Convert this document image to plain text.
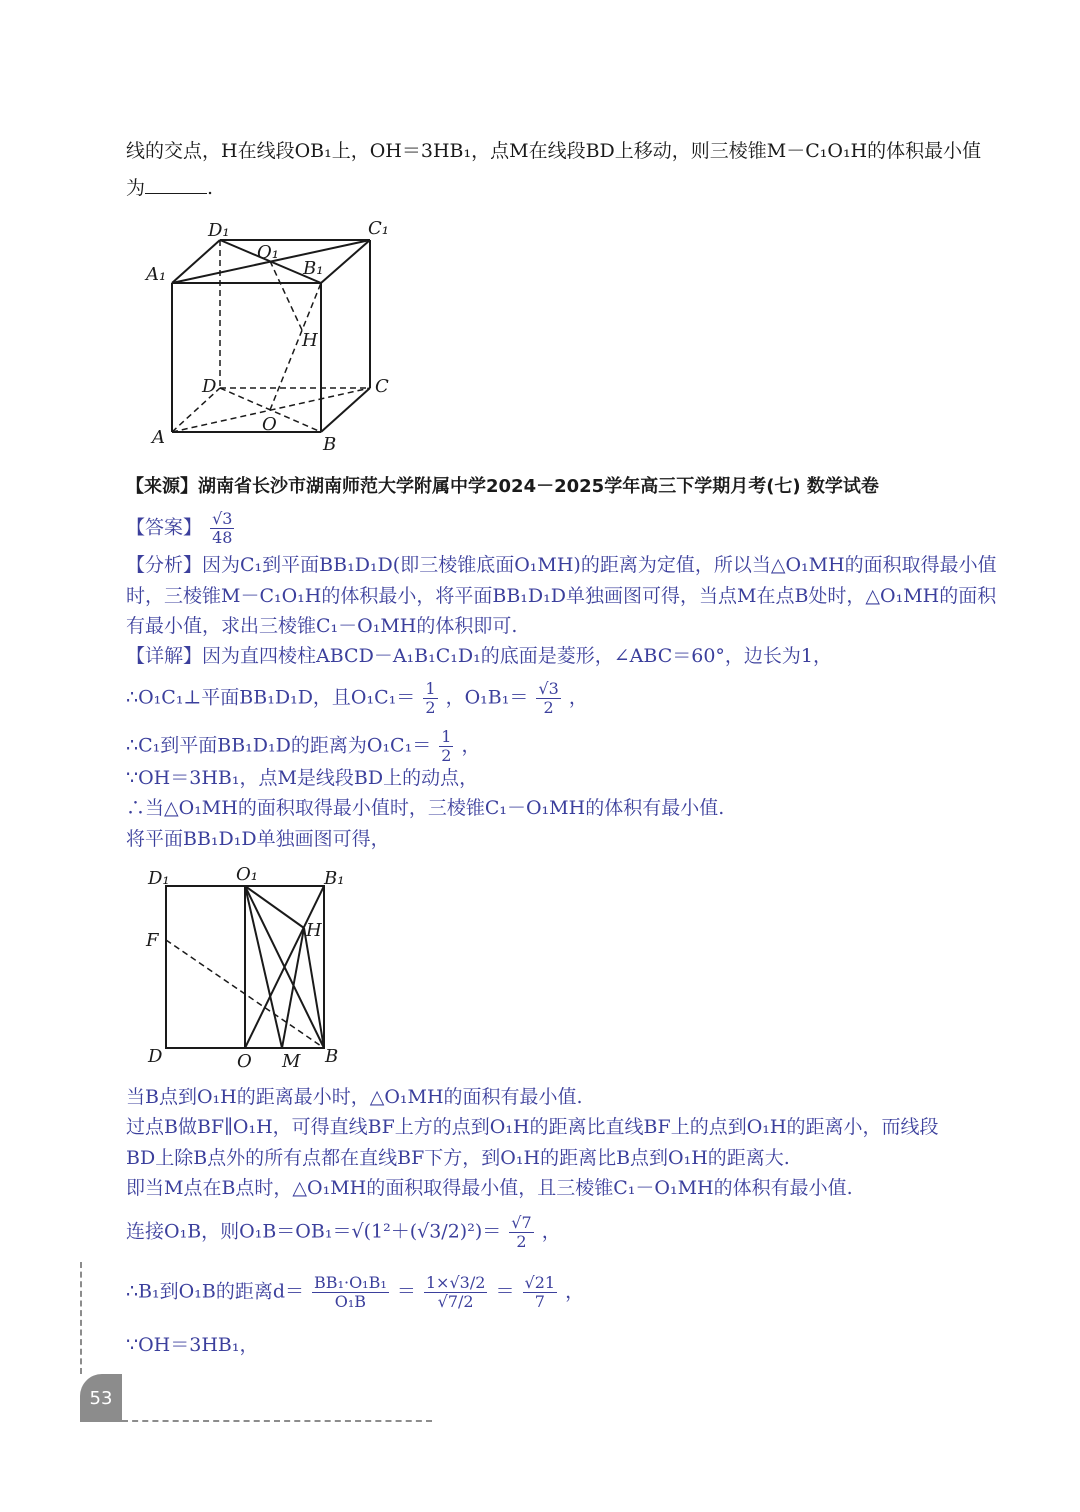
线的交点，H在线段OB₁上，OH＝3HB₁，点M在线段BD上移动，则三棱锥M－C₁O₁H的体积最小值
为	.
D₁
O₁
C₁
A₁	B₁
H
D	C
A
O
B
【来源】湖南省长沙市湖南师范大学附属中学2024－2025学年高三下学期月考(七) 数学试卷
【答案】 $\frac{√3}{48}$
【分析】因为C₁到平面BB₁D₁D(即三棱锥底面O₁MH)的距离为定值，所以当△O₁MH的面积取得最小值
时，三棱锥M－C₁O₁H的体积最小，将平面BB₁D₁D单独画图可得，当点M在点B处时，△O₁MH的面积
有最小值，求出三棱锥C₁－O₁MH的体积即可.
【详解】因为直四棱柱ABCD－A₁B₁C₁D₁的底面是菱形，∠ABC＝60°，边长为1，
∴O₁C₁⊥平面BB₁D₁D，且$O_1C_1= \frac{1}{2}$ ，$O_1B_1= \frac{√3}{2}$ ，
∴C₁到平面BB₁D₁D的距离为$O_1C_1= \frac{1}{2}$ ，
∵OH＝3HB₁，点M是线段BD上的动点，
∴当△O₁MH的面积取得最小值时，三棱锥C₁－O₁MH的体积有最小值.
将平面BB₁D₁D单独画图可得，
D₁	O₁	B₁
F	H
D	O M B
当B点到O₁H的距离最小时，△O₁MH的面积有最小值.
过点B做BF∥O₁H，可得直线BF上方的点到O₁H的距离比直线BF上的点到O₁H的距离小，而线段
BD上除B点外的所有点都在直线BF下方，到O₁H的距离比B点到O₁H的距离大.
即当M点在B点时，△O₁MH的面积取得最小值，且三棱锥C₁－O₁MH的体积有最小值.
连接O₁B，则$O_1B=OB_1=√(1^2+(√3/2)^2)= \frac{√7}{2}$ ，
∴B₁到O₁B的距离$d= \frac{\text{BB₁·O₁B₁}}{\text{O₁B}} = \frac{1\times√3/2}{√7/2} = \frac{√21}{7}$ ，
∵OH＝3HB₁，
53
